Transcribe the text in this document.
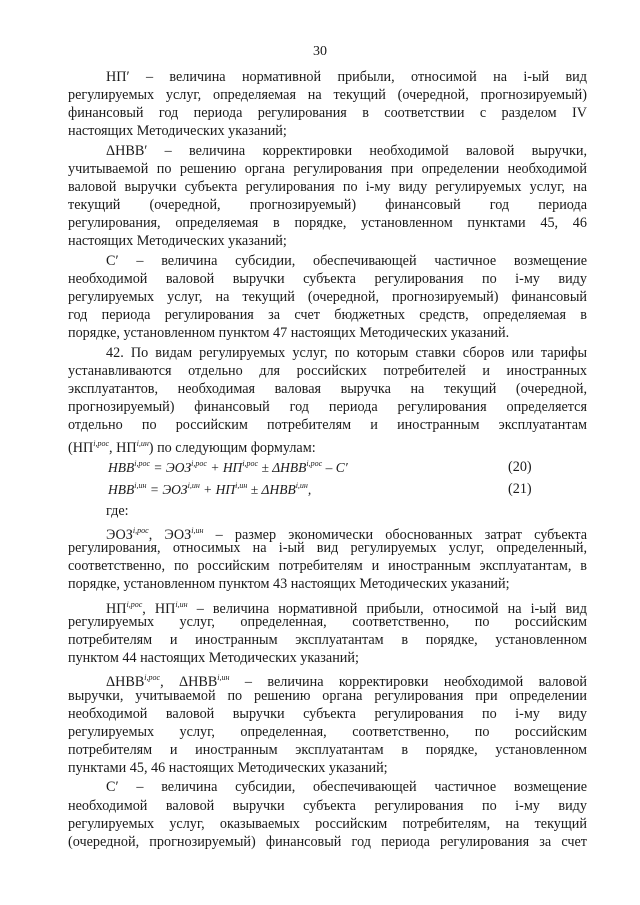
30
НП′ – величина нормативной прибыли, относимой на i-ый вид
регулируемых услуг, определяемая на текущий (очередной, прогнозируемый)
финансовый год периода регулирования в соответствии с разделом IV
настоящих Методических указаний;
ΔНВВ′ – величина корректировки необходимой валовой выручки,
учитываемой по решению органа регулирования при определении необходимой
валовой выручки субъекта регулирования по i-му виду регулируемых услуг, на
текущий (очередной, прогнозируемый) финансовый год периода
регулирования, определяемая в порядке, установленном пунктами 45, 46
настоящих Методических указаний;
C′ – величина субсидии, обеспечивающей частичное возмещение
необходимой валовой выручки субъекта регулирования по i-му виду
регулируемых услуг, на текущий (очередной, прогнозируемый) финансовый
год периода регулирования за счет бюджетных средств, определяемая в
порядке, установленном пунктом 47 настоящих Методических указаний.
42. По видам регулируемых услуг, по которым ставки сборов или тарифы
устанавливаются отдельно для российских потребителей и иностранных
эксплуатантов, необходимая валовая выручка на текущий (очередной,
прогнозируемый) финансовый год периода регулирования определяется
отдельно по российским потребителям и иностранным эксплуатантам
($НП^{i,рос}$, $НП^{i,ин}$) по следующим формулам:
где:
$ЭОЗ^{i,рос}$, $ЭОЗ^{i,ин}$ – размер экономически обоснованных затрат субъекта
регулирования, относимых на i-ый вид регулируемых услуг, определенный,
соответственно, по российским потребителям и иностранным эксплуатантам, в
порядке, установленном пунктом 43 настоящих Методических указаний;
$НП^{i,рос}$, $НП^{i,ин}$ – величина нормативной прибыли, относимой на i-ый вид
регулируемых услуг, определенная, соответственно, по российским
потребителям и иностранным эксплуатантам в порядке, установленном
пунктом 44 настоящих Методических указаний;
$\Delta НВВ^{i,рос}$, $\Delta НВВ^{i,ин}$ – величина корректировки необходимой валовой
выручки, учитываемой по решению органа регулирования при определении
необходимой валовой выручки субъекта регулирования по i-му виду
регулируемых услуг, определенная, соответственно, по российским
потребителям и иностранным эксплуатантам в порядке, установленном
пунктами 45, 46 настоящих Методических указаний;
C′ – величина субсидии, обеспечивающей частичное возмещение
необходимой валовой выручки субъекта регулирования по i-му виду
регулируемых услуг, оказываемых российским потребителям, на текущий
(очередной, прогнозируемый) финансовый год периода регулирования за счет
$НВВ^{i,рос} = ЭОЗ^{i,рос} + НП^{i,рос} \pm \Delta НВВ^{i,рос} - C'$	(20)
$НВВ^{i,ин} = ЭОЗ^{i,ин} + НП^{i,ин} \pm \Delta НВВ^{i,ин}$,	(21)
